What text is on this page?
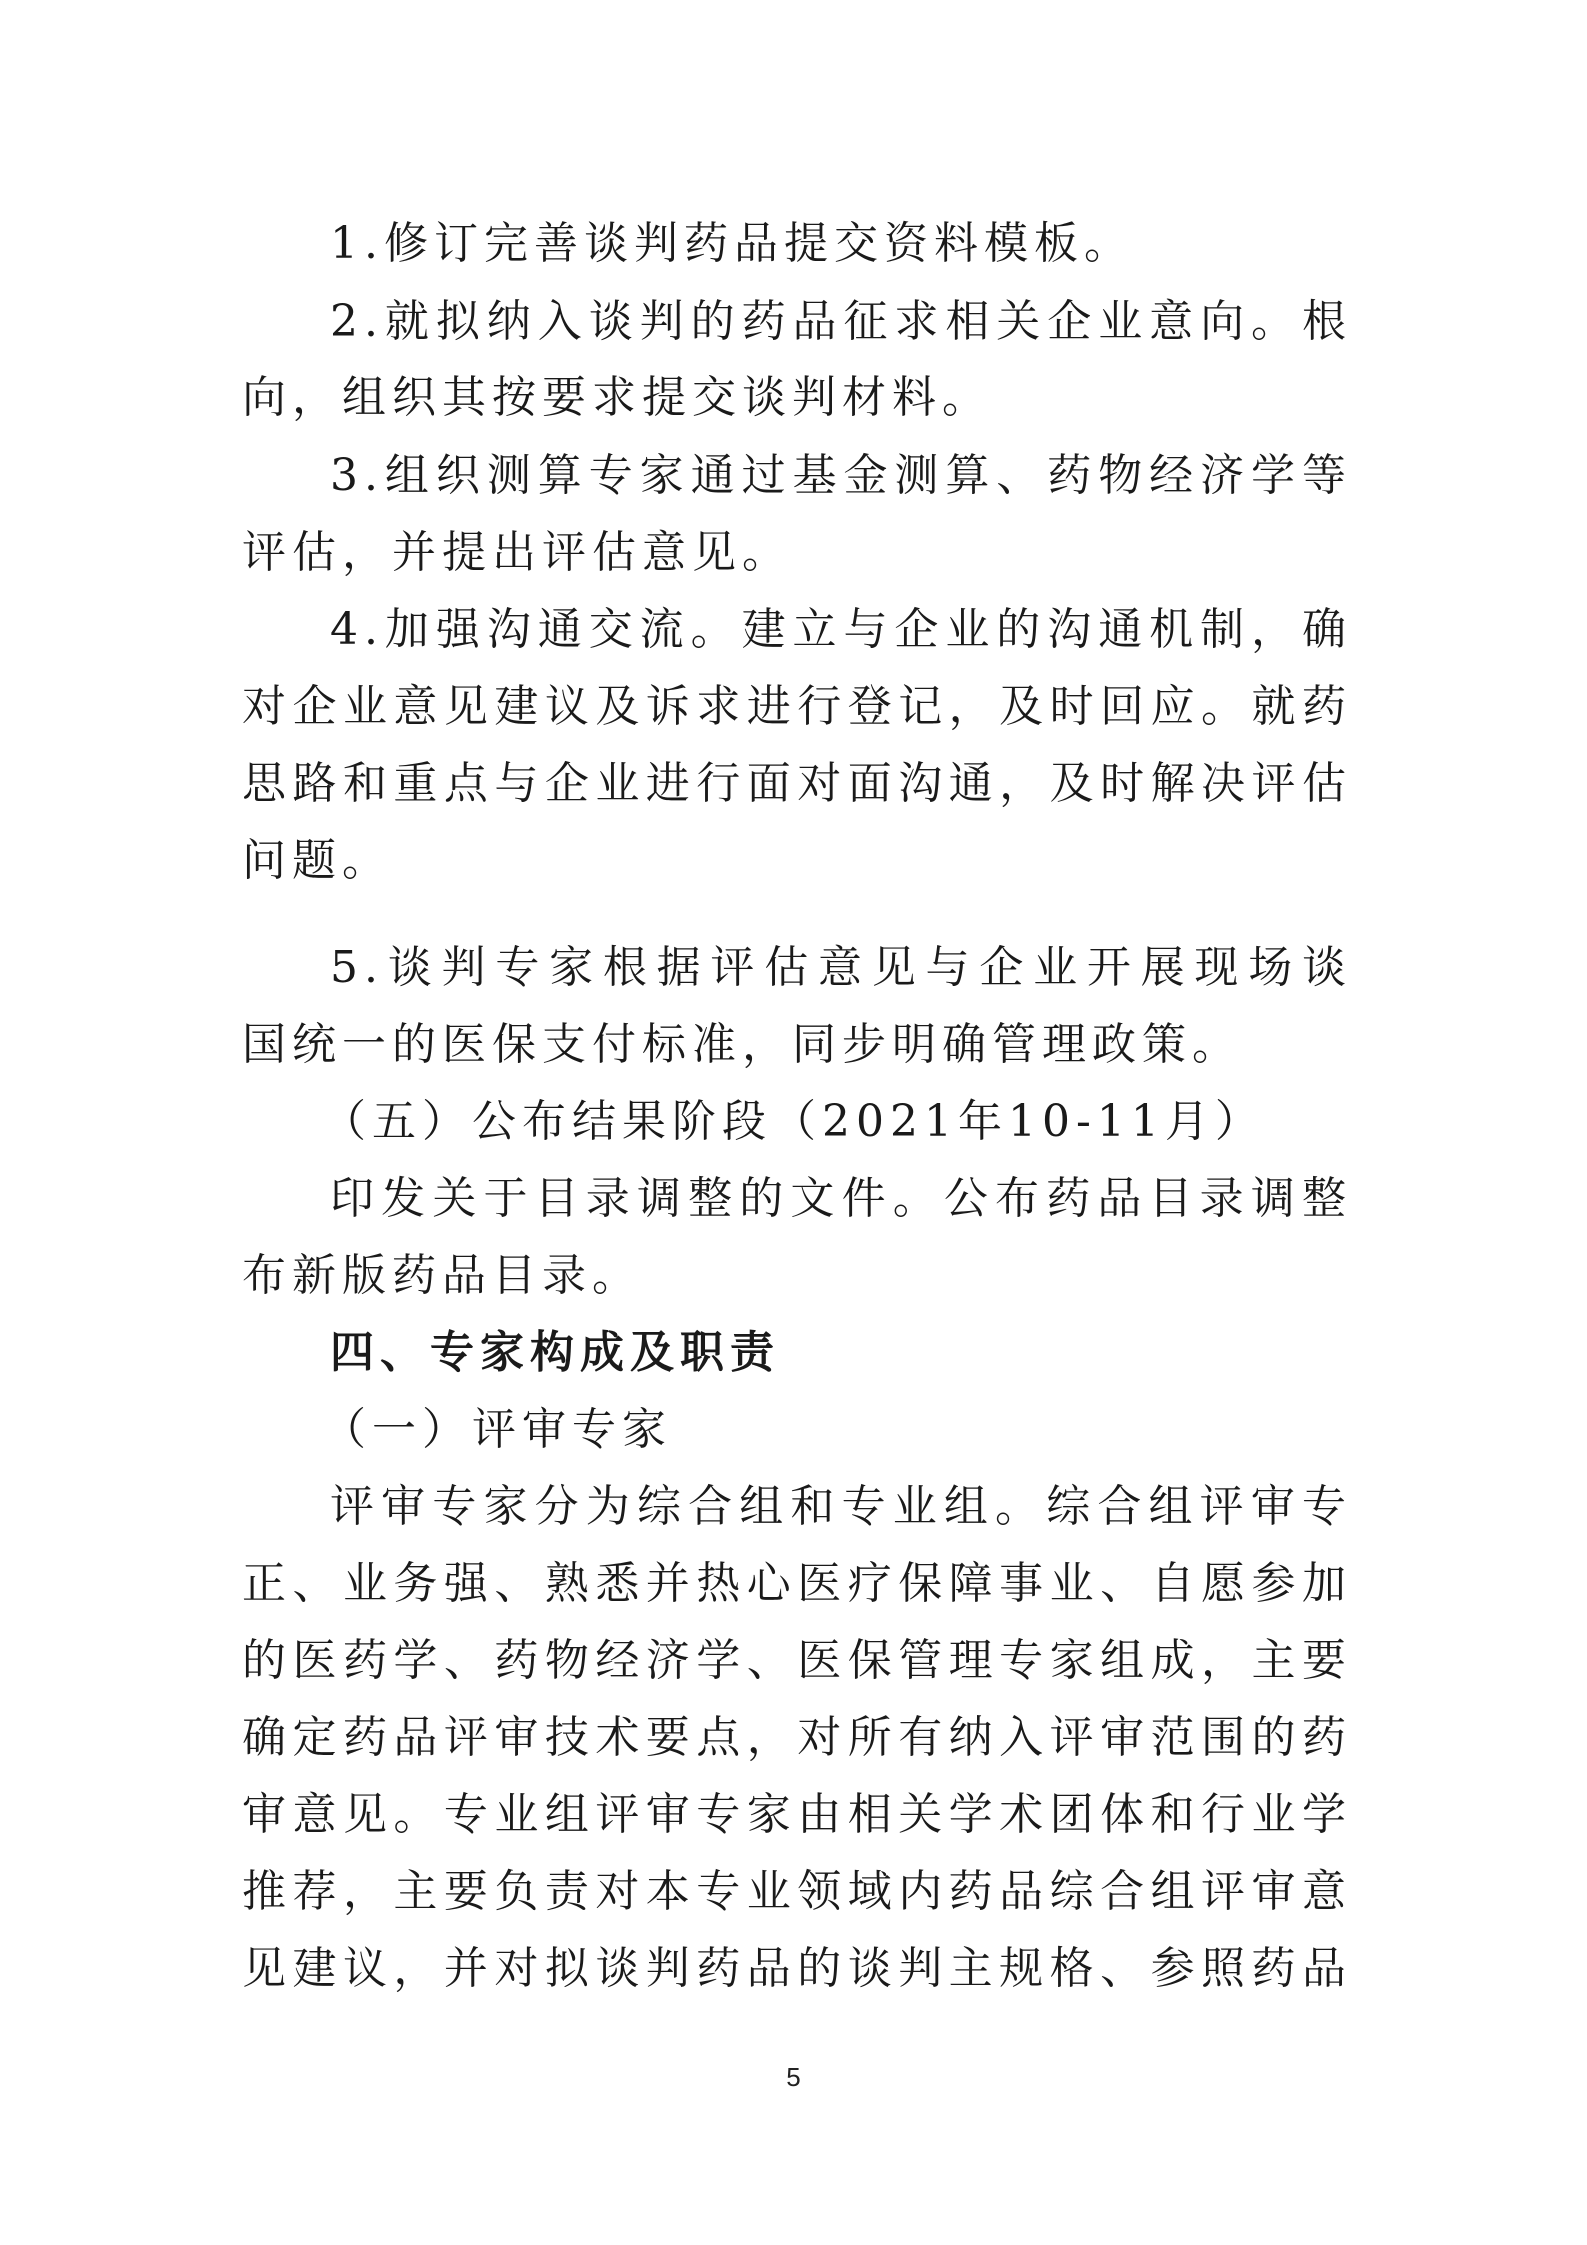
1.修订完善谈判药品提交资料模板。
2.就拟纳入谈判的药品征求相关企业意向。根
向，组织其按要求提交谈判材料。
3.组织测算专家通过基金测算、药物经济学等
评估，并提出评估意见。
4.加强沟通交流。建立与企业的沟通机制，确
对企业意见建议及诉求进行登记，及时回应。就药
思路和重点与企业进行面对面沟通，及时解决评估
问题。
5.谈判专家根据评估意见与企业开展现场谈
国统一的医保支付标准，同步明确管理政策。
（五）公布结果阶段（2021年10-11月）
印发关于目录调整的文件。公布药品目录调整
布新版药品目录。
四、专家构成及职责
（一）评审专家
评审专家分为综合组和专业组。综合组评审专
正、业务强、熟悉并热心医疗保障事业、自愿参加
的医药学、药物经济学、医保管理专家组成，主要
确定药品评审技术要点，对所有纳入评审范围的药
审意见。专业组评审专家由相关学术团体和行业学
推荐，主要负责对本专业领域内药品综合组评审意
见建议，并对拟谈判药品的谈判主规格、参照药品
5
